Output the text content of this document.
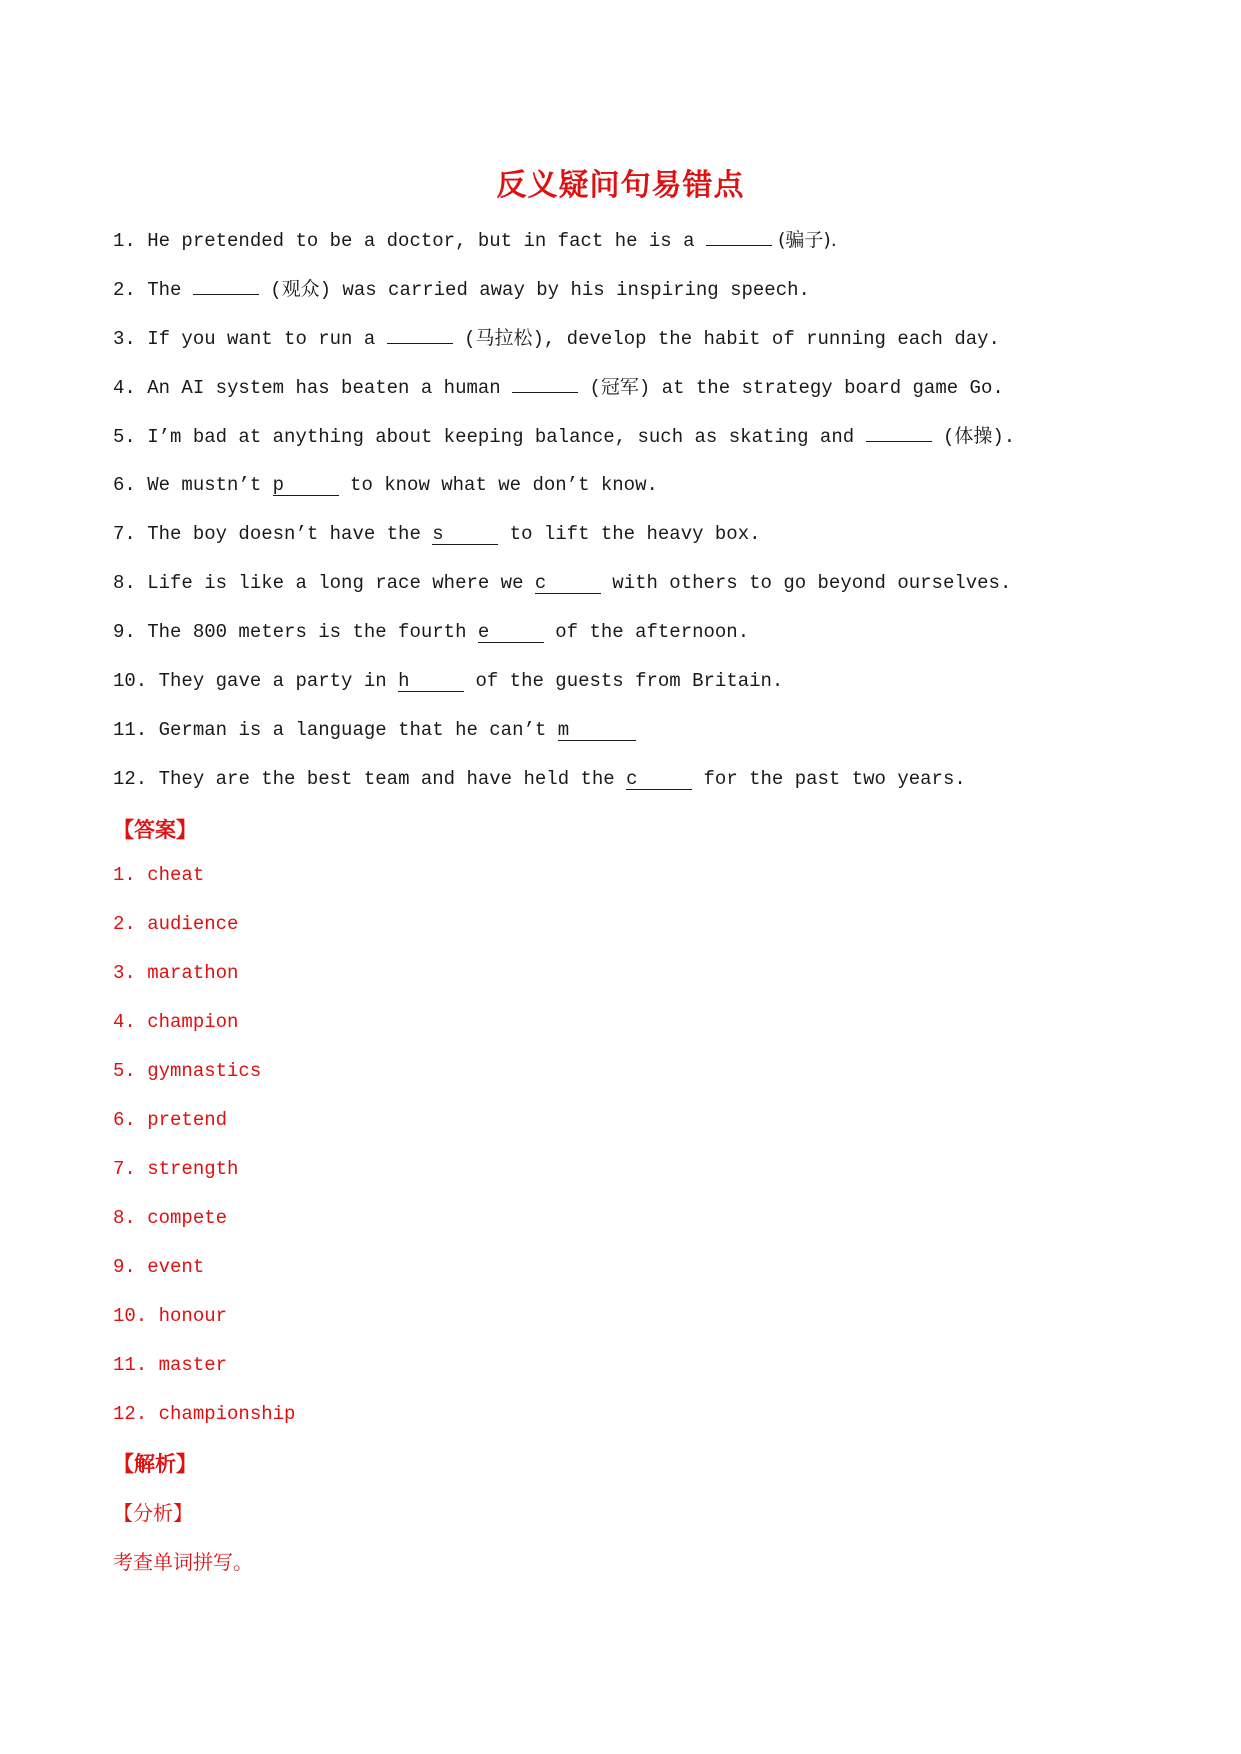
反义疑问句易错点
1. He pretended to be a doctor, but in fact he is a	(骗子).
2. The	(观众) was carried away by his inspiring speech.
3. If you want to run a	(马拉松), develop the habit of running each day.
4. An AI system has beaten a human	(冠军) at the strategy board game Go.
5. I’m bad at anything about keeping balance, such as skating and	(体操).
6. We mustn’t p	to know what we don’t know.
7. The boy doesn’t have the s	to lift the heavy box.
8. Life is like a long race where we c	with others to go beyond ourselves.
9. The 800 meters is the fourth e	of the afternoon.
10. They gave a party in h	of the guests from Britain.
11. German is a language that he can’t m
12. They are the best team and have held the c	for the past two years.
【答案】
1. cheat
2. audience
3. marathon
4. champion
5. gymnastics
6. pretend
7. strength
8. compete
9. event
10. honour
11. master
12. championship
【解析】
【分析】
考查单词拼写。
